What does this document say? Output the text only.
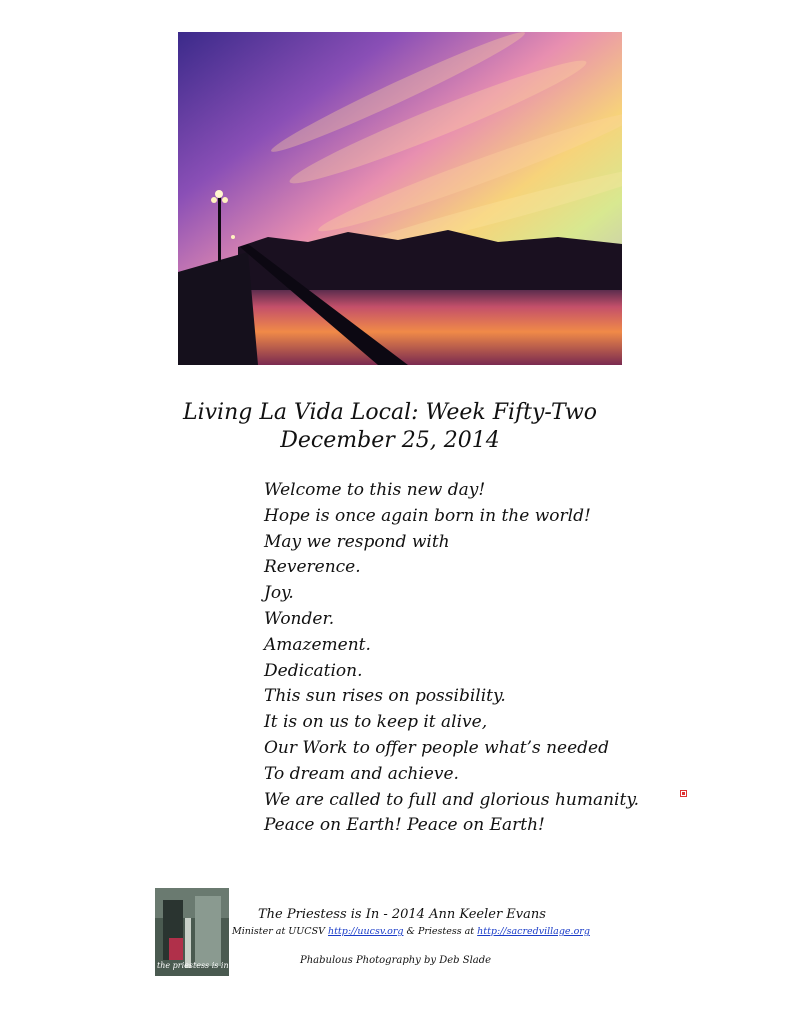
Living La Vida Local: Week Fifty-Two
December 25, 2014
Welcome to this new day!
Hope is once again born in the world!
May we respond with
Reverence.
Joy.
Wonder.
Amazement.
Dedication.
This sun rises on possibility.
It is on us to keep it alive,
Our Work to offer people what’s needed
To dream and achieve.
We are called to full and glorious humanity.
Peace on Earth! Peace on Earth!
the priestess is in
The Priestess is In - 2014 Ann Keeler Evans
Minister at UUCSV http://uucsv.org & Priestess at http://sacredvillage.org
Phabulous Photography by Deb Slade
